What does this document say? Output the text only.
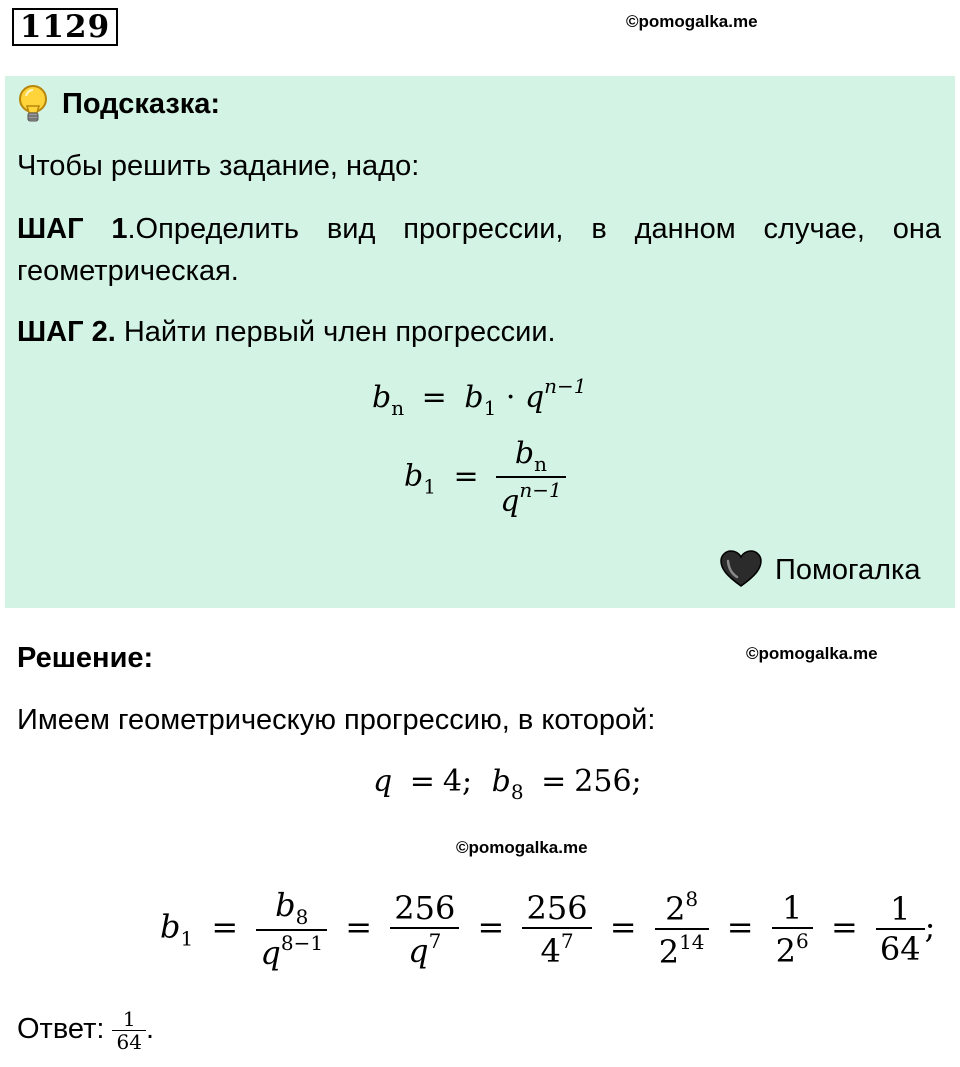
1129	©pomogalka.me
Подсказка:
Чтобы решить задание, надо:
ШАГ 1.Определить вид прогрессии, в данном случае, она геометрическая.
ШАГ 2. Найти первый член прогрессии.
$b_n = b_1 \cdot q^{n-1}$
$b_1 = \frac{b_n}{q^{n-1}}$
Помогалка
Решение:	©pomogalka.me
Имеем геометрическую прогрессию, в которой:
q = 4; $b_8 = 256$;
©pomogalka.me
$b_1 = \frac{b_8}{q^{8-1}} = \frac{256}{q^7} = \frac{256}{4^7} = \frac{2^8}{2^{14}} = \frac{1}{2^6} = \frac{1}{64}$ ;
Ответ: $\frac{1}{64}$ .
